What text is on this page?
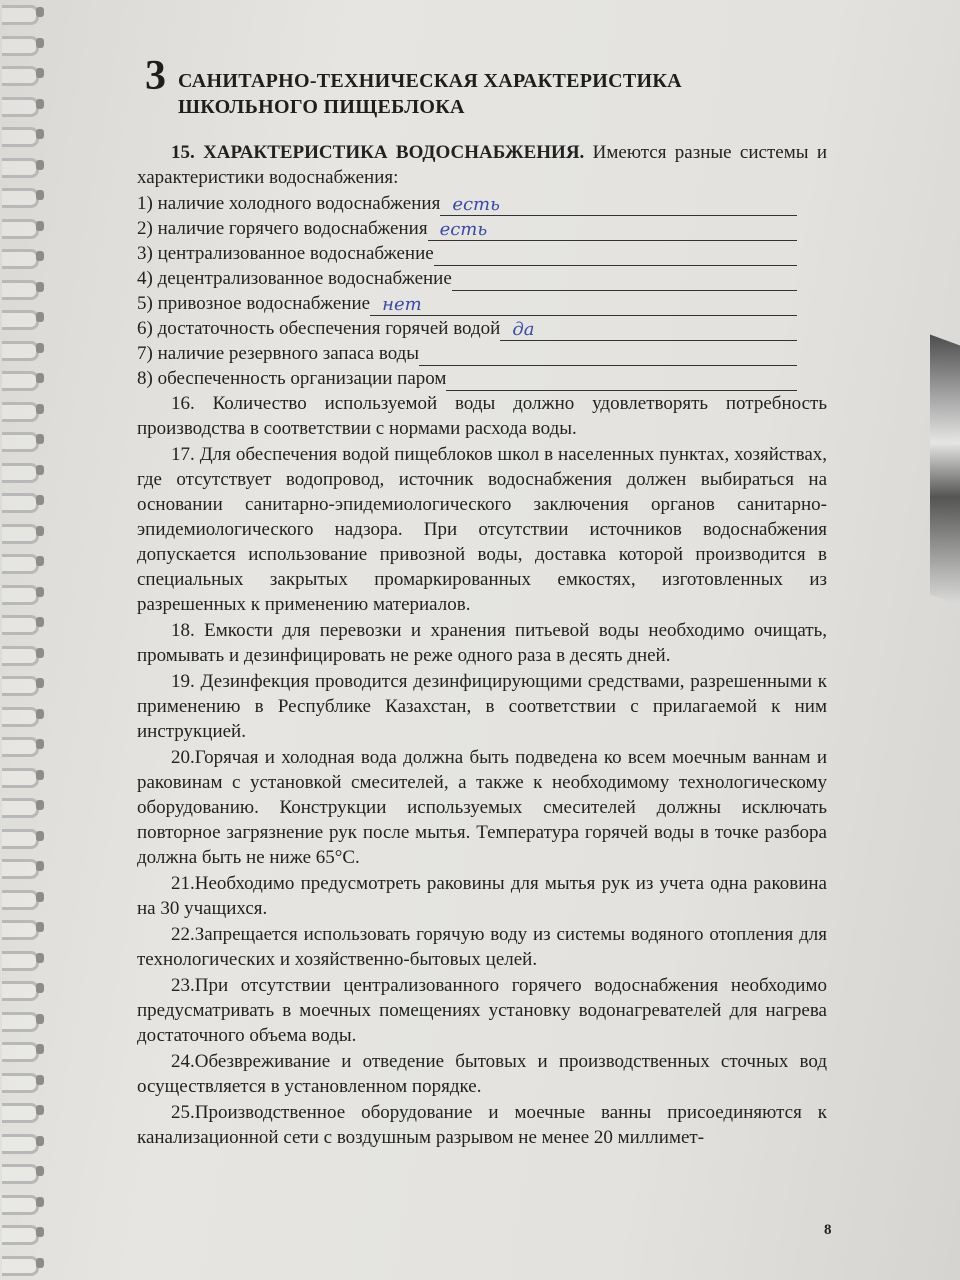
3 САНИТАРНО-ТЕХНИЧЕСКАЯ ХАРАКТЕРИСТИКА
ШКОЛЬНОГО ПИЩЕБЛОКА

15. ХАРАКТЕРИСТИКА ВОДОСНАБЖЕНИЯ. Имеются разные системы и характеристики водоснабжения:

1) наличие холодного водоснабжения есть
2) наличие горячего водоснабжения есть
3) централизованное водоснабжение
4) децентрализованное водоснабжение
5) привозное водоснабжение нет
6) достаточность обеспечения горячей водой да
7) наличие резервного запаса воды
8) обеспеченность организации паром

16. Количество используемой воды должно удовлетворять потребность производства в соответствии с нормами расхода воды.

17. Для обеспечения водой пищеблоков школ в населенных пунктах, хозяйствах, где отсутствует водопровод, источник водоснабжения должен выбираться на основании санитарно-эпидемиологического заключения органов санитарно-эпидемиологического надзора. При отсутствии источников водоснабжения допускается использование привозной воды, доставка которой производится в специальных закрытых промаркированных емкостях, изготовленных из разрешенных к применению материалов.

18. Емкости для перевозки и хранения питьевой воды необходимо очищать, промывать и дезинфицировать не реже одного раза в десять дней.

19. Дезинфекция проводится дезинфицирующими средствами, разрешенными к применению в Республике Казахстан, в соответствии с прилагаемой к ним инструкцией.

20.Горячая и холодная вода должна быть подведена ко всем моечным ваннам и раковинам с установкой смесителей, а также к необходимому технологическому оборудованию. Конструкции используемых смесителей должны исключать повторное загрязнение рук после мытья. Температура горячей воды в точке разбора должна быть не ниже 65°С.

21.Необходимо предусмотреть раковины для мытья рук из учета одна раковина на 30 учащихся.

22.Запрещается использовать горячую воду из системы водяного отопления для технологических и хозяйственно-бытовых целей.

23.При отсутствии централизованного горячего водоснабжения необходимо предусматривать в моечных помещениях установку водонагревателей для нагрева достаточного объема воды.

24.Обезвреживание и отведение бытовых и производственных сточных вод осуществляется в установленном порядке.

25.Производственное оборудование и моечные ванны присоединяются к канализационной сети с воздушным разрывом не менее 20 миллимет-

8
